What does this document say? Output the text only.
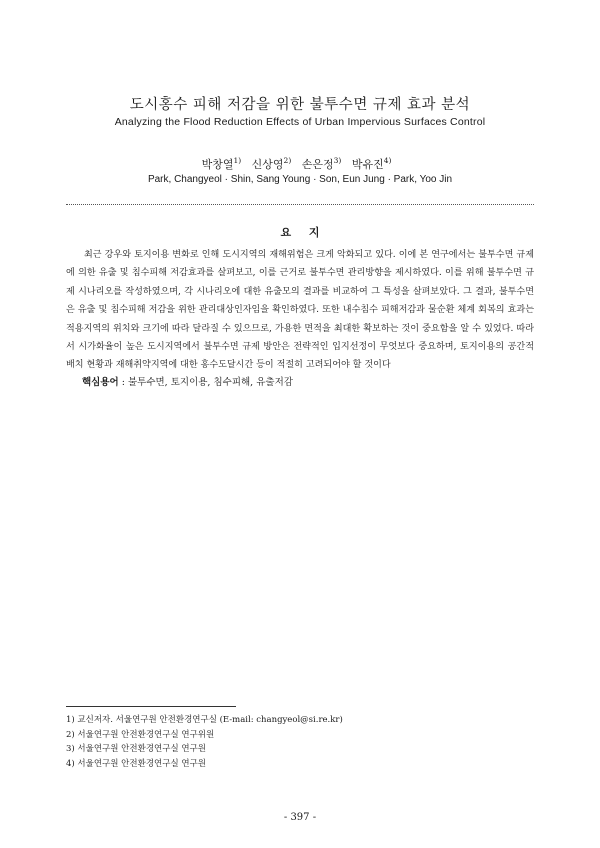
도시홍수 피해 저감을 위한 불투수면 규제 효과 분석
Analyzing the Flood Reduction Effects of Urban Impervious Surfaces Control
박창열$^{1)}$ 신상영$^{2)}$ 손은정$^{3)}$ 박유진$^{4)}$
Park, Changyeol · Shin, Sang Young · Son, Eun Jung · Park, Yoo Jin
요 지

최근 강우와 토지이용 변화로 인해 도시지역의 재해위험은 크게 악화되고 있다. 이에 본 연구에서는 불투수면 규제에 의한 유출 및 침수피해 저감효과를 살펴보고, 이를 근거로 불투수면 관리방향을 제시하였다. 이를 위해 불투수면 규제 시나리오를 작성하였으며, 각 시나리오에 대한 유출모의 결과를 비교하여 그 특성을 살펴보았다. 그 결과, 불투수면은 유출 및 침수피해 저감을 위한 관리대상인자임을 확인하였다. 또한 내수침수 피해저감과 물순환 체계 회복의 효과는 적용지역의 위치와 크기에 따라 달라질 수 있으므로, 가용한 면적을 최대한 확보하는 것이 중요함을 알 수 있었다. 따라서 시가화율이 높은 도시지역에서 불투수면 규제 방안은 전략적인 입지선정이 무엇보다 중요하며, 토지이용의 공간적 배치 현황과 재해취약지역에 대한 홍수도달시간 등이 적절히 고려되어야 할 것이다

핵심용어 : 불투수면, 토지이용, 침수피해, 유출저감
1) 교신저자. 서울연구원 안전환경연구실 (E-mail: changyeol@si.re.kr)
2) 서울연구원 안전환경연구실 연구위원
3) 서울연구원 안전환경연구실 연구원
4) 서울연구원 안전환경연구실 연구원
- 397 -
